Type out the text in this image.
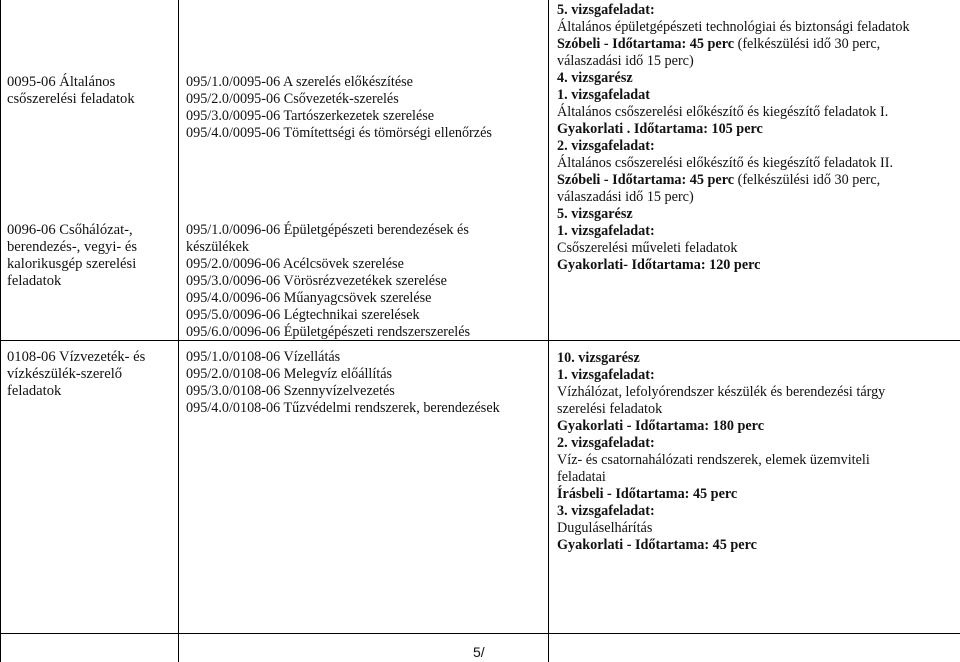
0095-06 Általános csőszerelési feladatok
0096-06 Csőhálózat-, berendezés-, vegyi- és kalorikusgép szerelési feladatok
0108-06 Vízvezeték- és vízkészülék-szerelő feladatok
095/1.0/0095-06 A szerelés előkészítése
095/2.0/0095-06 Csővezeték-szerelés
095/3.0/0095-06 Tartószerkezetek szerelése
095/4.0/0095-06 Tömítettségi és tömörségi ellenőrzés
095/1.0/0096-06 Épületgépészeti berendezések és
készülékek
095/2.0/0096-06 Acélcsövek szerelése
095/3.0/0096-06 Vörösrézvezetékek szerelése
095/4.0/0096-06 Műanyagcsövek szerelése
095/5.0/0096-06 Légtechnikai szerelések
095/6.0/0096-06 Épületgépészeti rendszerszerelés
095/1.0/0108-06 Vízellátás
095/2.0/0108-06 Melegvíz előállítás
095/3.0/0108-06 Szennyvízelvezetés
095/4.0/0108-06 Tűzvédelmi rendszerek, berendezések
5. vizsgafeladat:
Általános épületgépészeti technológiai és biztonsági feladatok
Szóbeli - Időtartama: 45 perc (felkészülési idő 30 perc,
válaszadási idő 15 perc)
4. vizsgarész
1. vizsgafeladat
Általános csőszerelési előkészítő és kiegészítő feladatok I.
Gyakorlati . Időtartama: 105 perc
2. vizsgafeladat:
Általános csőszerelési előkészítő és kiegészítő feladatok II.
Szóbeli - Időtartama: 45 perc (felkészülési idő 30 perc,
válaszadási idő 15 perc)
5. vizsgarész
1. vizsgafeladat:
Csőszerelési műveleti feladatok
Gyakorlati- Időtartama: 120 perc
10. vizsgarész
1. vizsgafeladat:
Vízhálózat, lefolyórendszer készülék és berendezési tárgy
szerelési feladatok
Gyakorlati - Időtartama: 180 perc
2. vizsgafeladat:
Víz- és csatornahálózati rendszerek, elemek üzemviteli
feladatai
Írásbeli - Időtartama: 45 perc
3. vizsgafeladat:
Duguláselhárítás
Gyakorlati - Időtartama: 45 perc
5/
